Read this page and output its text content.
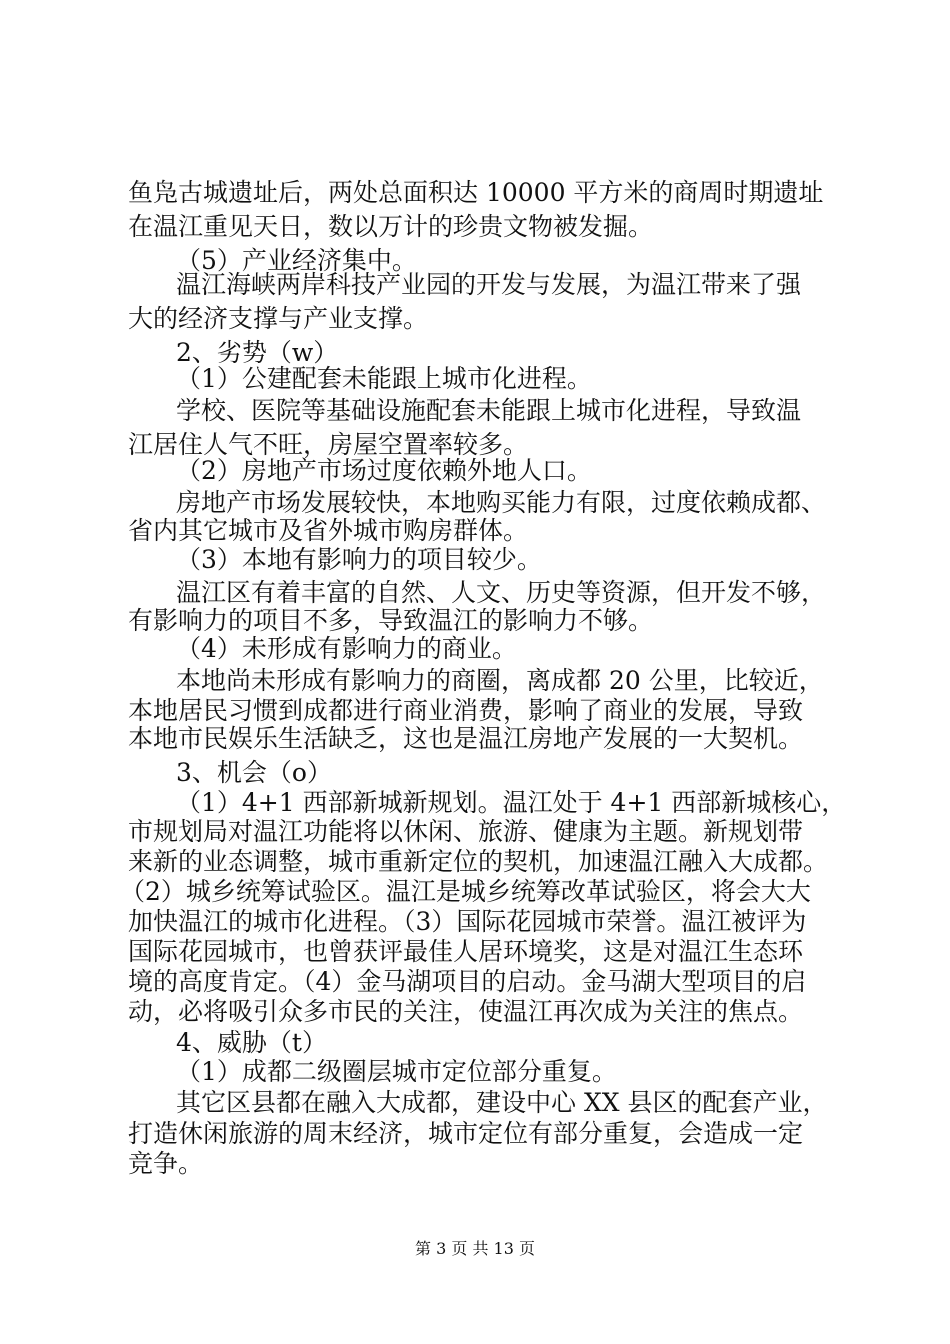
鱼凫古城遗址后，两处总面积达 10000 平方米的商周时期遗址

在温江重见天日，数以万计的珍贵文物被发掘。

（5）产业经济集中。

温江海峡两岸科技产业园的开发与发展，为温江带来了强

大的经济支撑与产业支撑。

2、劣势（w）

（1）公建配套未能跟上城市化进程。

学校、医院等基础设施配套未能跟上城市化进程，导致温

江居住人气不旺，房屋空置率较多。

（2）房地产市场过度依赖外地人口。

房地产市场发展较快，本地购买能力有限，过度依赖成都、

省内其它城市及省外城市购房群体。

（3）本地有影响力的项目较少。

温江区有着丰富的自然、人文、历史等资源，但开发不够，

有影响力的项目不多，导致温江的影响力不够。

（4）未形成有影响力的商业。

本地尚未形成有影响力的商圈，离成都 20 公里，比较近，

本地居民习惯到成都进行商业消费，影响了商业的发展，导致

本地市民娱乐生活缺乏，这也是温江房地产发展的一大契机。

3、机会（o）

（1）4+1 西部新城新规划。温江处于 4+1 西部新城核心，

市规划局对温江功能将以休闲、旅游、健康为主题。新规划带

来新的业态调整，城市重新定位的契机，加速温江融入大成都。

（2）城乡统筹试验区。温江是城乡统筹改革试验区，将会大大

加快温江的城市化进程。（3）国际花园城市荣誉。温江被评为

国际花园城市，也曾获评最佳人居环境奖，这是对温江生态环

境的高度肯定。（4）金马湖项目的启动。金马湖大型项目的启

动，必将吸引众多市民的关注，使温江再次成为关注的焦点。

4、威胁（t）

（1）成都二级圈层城市定位部分重复。

其它区县都在融入大成都，建设中心 XX 县区的配套产业，

打造休闲旅游的周末经济，城市定位有部分重复，会造成一定

竞争。

第 3 页 共 13 页
